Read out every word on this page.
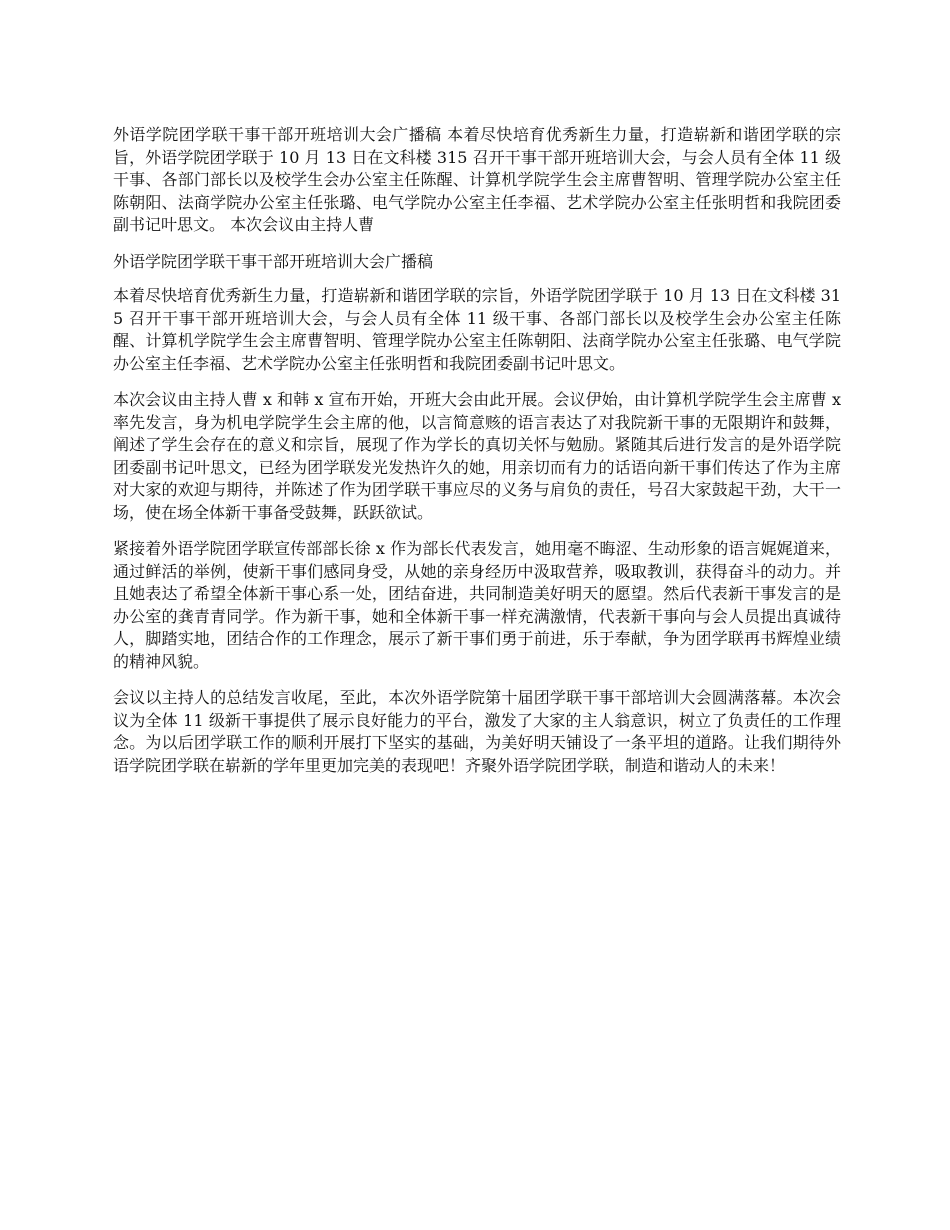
外语学院团学联干事干部开班培训大会广播稿 本着尽快培育优秀新生力量，打造崭新和谐团学联的宗旨，外语学院团学联于 10 月 13 日在文科楼 315 召开干事干部开班培训大会，与会人员有全体 11 级干事、各部门部长以及校学生会办公室主任陈醒、计算机学院学生会主席曹智明、管理学院办公室主任陈朝阳、法商学院办公室主任张璐、电气学院办公室主任李福、艺术学院办公室主任张明哲和我院团委副书记叶思文。 本次会议由主持人曹

外语学院团学联干事干部开班培训大会广播稿

本着尽快培育优秀新生力量，打造崭新和谐团学联的宗旨，外语学院团学联于 10 月 13 日在文科楼 315 召开干事干部开班培训大会，与会人员有全体 11 级干事、各部门部长以及校学生会办公室主任陈醒、计算机学院学生会主席曹智明、管理学院办公室主任陈朝阳、法商学院办公室主任张璐、电气学院办公室主任李福、艺术学院办公室主任张明哲和我院团委副书记叶思文。

本次会议由主持人曹 x 和韩 x 宣布开始，开班大会由此开展。会议伊始，由计算机学院学生会主席曹 x 率先发言，身为机电学院学生会主席的他，以言简意赅的语言表达了对我院新干事的无限期许和鼓舞，阐述了学生会存在的意义和宗旨，展现了作为学长的真切关怀与勉励。紧随其后进行发言的是外语学院团委副书记叶思文，已经为团学联发光发热许久的她，用亲切而有力的话语向新干事们传达了作为主席对大家的欢迎与期待，并陈述了作为团学联干事应尽的义务与肩负的责任，号召大家鼓起干劲，大干一场，使在场全体新干事备受鼓舞，跃跃欲试。

紧接着外语学院团学联宣传部部长徐 x 作为部长代表发言，她用毫不晦涩、生动形象的语言娓娓道来，通过鲜活的举例，使新干事们感同身受，从她的亲身经历中汲取营养，吸取教训，获得奋斗的动力。并且她表达了希望全体新干事心系一处，团结奋进，共同制造美好明天的愿望。然后代表新干事发言的是办公室的龚青青同学。作为新干事，她和全体新干事一样充满激情，代表新干事向与会人员提出真诚待人，脚踏实地，团结合作的工作理念，展示了新干事们勇于前进，乐于奉献，争为团学联再书辉煌业绩的精神风貌。

会议以主持人的总结发言收尾，至此，本次外语学院第十届团学联干事干部培训大会圆满落幕。本次会议为全体 11 级新干事提供了展示良好能力的平台，激发了大家的主人翁意识，树立了负责任的工作理念。为以后团学联工作的顺利开展打下坚实的基础，为美好明天铺设了一条平坦的道路。让我们期待外语学院团学联在崭新的学年里更加完美的表现吧！齐聚外语学院团学联，制造和谐动人的未来！
